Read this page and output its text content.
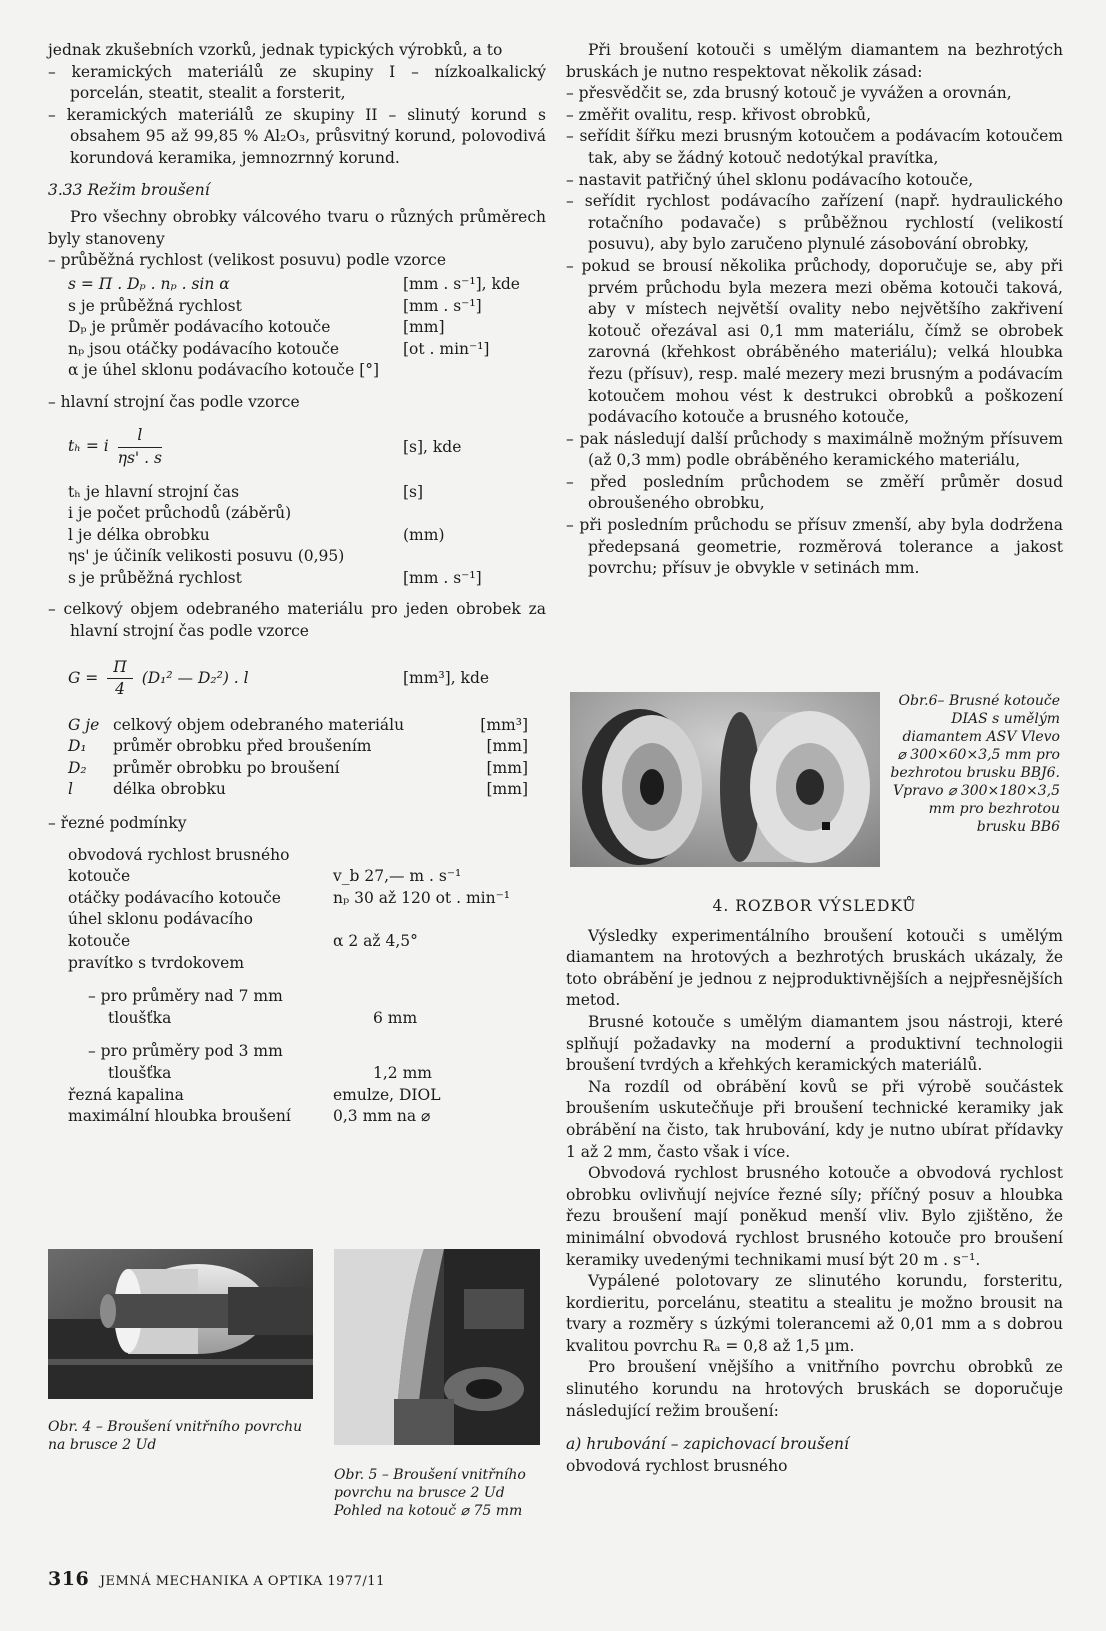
jednak zkušebních vzorků, jednak typických výrobků, a to

– keramických materiálů ze skupiny I – nízkoalkalický porcelán, steatit, stealit a forsterit,

– keramických materiálů ze skupiny II – slinutý korund s obsahem 95 až 99,85 % Al₂O₃, průsvitný korund, polovodivá korundová keramika, jemnozrnný korund.

3.33 Režim broušení

Pro všechny obrobky válcového tvaru o různých průměrech byly stanoveny

– průběžná rychlost (velikost posuvu) podle vzorce

s = Π . Dₚ . nₚ . sin α	[mm . s⁻¹], kde
s je průběžná rychlost	[mm . s⁻¹]
Dₚ je průměr podávacího kotouče	[mm]
nₚ jsou otáčky podávacího kotouče	[ot . min⁻¹]
α je úhel sklonu podávacího kotouče [°]

– hlavní strojní čas podle vzorce

tₕ = i $\frac{l}{\eta s' . s}$	[s], kde
tₕ je hlavní strojní čas	[s]
i je počet průchodů (záběrů)
l je délka obrobku	(mm)
ηs' je účiník velikosti posuvu (0,95)
s je průběžná rychlost	[mm . s⁻¹]

– celkový objem odebraného materiálu pro jeden obrobek za hlavní strojní čas podle vzorce

$G = \frac{\Pi}{4} (D_1^2$ — D₂²) . l	[mm³], kde
G je celkový objem odebraného materiálu	[mm³]
D₁	průměr obrobku před broušením	[mm]
D₂	průměr obrobku po broušení	[mm]
l	délka obrobku	[mm]

– řezné podmínky

obvodová rychlost brusného
kotouče	v_b 27,— m . s⁻¹
otáčky podávacího kotouče	nₚ 30 až 120 ot . min⁻¹
úhel sklonu podávacího
kotouče	α 2 až 4,5°
pravítko s tvrdokovem
– pro průměry nad 7 mm
tloušťka	6 mm
– pro průměry pod 3 mm
tloušťka	1,2 mm
řezná kapalina	emulze, DIOL
maximální hloubka broušení	0,3 mm na ⌀
Obr. 4 – Broušení vnitřního povrchu na brusce 2 Ud
Obr. 5 – Broušení vnitřního povrchu na brusce 2 Ud Pohled na kotouč ⌀ 75 mm

Při broušení kotouči s umělým diamantem na bezhrotých bruskách je nutno respektovat několik zásad:

– přesvědčit se, zda brusný kotouč je vyvážen a orovnán,

– změřit ovalitu, resp. křivost obrobků,

– seřídit šířku mezi brusným kotoučem a podávacím kotoučem tak, aby se žádný kotouč nedotýkal pravítka,

– nastavit patřičný úhel sklonu podávacího kotouče,

– seřídit rychlost podávacího zařízení (např. hydraulického rotačního podavače) s průběžnou rychlostí (velikostí posuvu), aby bylo zaručeno plynulé zásobování obrobky,

– pokud se brousí několika průchody, doporučuje se, aby při prvém průchodu byla mezera mezi oběma kotouči taková, aby v místech největší ovality nebo největšího zakřivení kotouč ořezával asi 0,1 mm materiálu, čímž se obrobek zarovná (křehkost obráběného materiálu); velká hloubka řezu (přísuv), resp. malé mezery mezi brusným a podávacím kotoučem mohou vést k destrukci obrobků a poškození podávacího kotouče a brusného kotouče,

– pak následují další průchody s maximálně možným přísuvem (až 0,3 mm) podle obráběného keramického materiálu,

– před posledním průchodem se změří průměr dosud obroušeného obrobku,

– při posledním průchodu se přísuv zmenší, aby byla dodržena předepsaná geometrie, rozměrová tolerance a jakost povrchu; přísuv je obvykle v setinách mm.

Obr.6– Brusné kotouče DIAS s umělým diamantem ASV Vlevo ⌀ 300×60×3,5 mm pro bezhrotou brusku BBJ6. Vpravo ⌀ 300×180×3,5 mm pro bezhrotou brusku BB6

4. ROZBOR VÝSLEDKŮ

Výsledky experimentálního broušení kotouči s umělým diamantem na hrotových a bezhrotých bruskách ukázaly, že toto obrábění je jednou z nejproduktivnějších a nejpřesnějších metod.

Brusné kotouče s umělým diamantem jsou nástroji, které splňují požadavky na moderní a produktivní technologii broušení tvrdých a křehkých keramických materiálů.

Na rozdíl od obrábění kovů se při výrobě součástek broušením uskutečňuje při broušení technické keramiky jak obrábění na čisto, tak hrubování, kdy je nutno ubírat přídavky 1 až 2 mm, často však i více.

Obvodová rychlost brusného kotouče a obvodová rychlost obrobku ovlivňují nejvíce řezné síly; příčný posuv a hloubka řezu broušení mají poněkud menší vliv. Bylo zjištěno, že minimální obvodová rychlost brusného kotouče pro broušení keramiky uvedenými technikami musí být 20 m . s⁻¹.

Vypálené polotovary ze slinutého korundu, forsteritu, kordieritu, porcelánu, steatitu a stealitu je možno brousit na tvary a rozměry s úzkými tolerancemi až 0,01 mm a s dobrou kvalitou povrchu Rₐ = 0,8 až 1,5 µm.

Pro broušení vnějšího a vnitřního povrchu obrobků ze slinutého korundu na hrotových bruskách se doporučuje následující režim broušení:

a) hrubování – zapichovací broušení

obvodová rychlost brusného

316 JEMNÁ MECHANIKA A OPTIKA 1977/11
